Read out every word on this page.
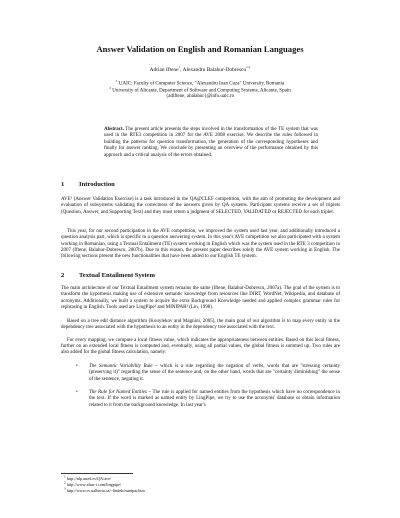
Answer Validation on English and Romanian Languages
Adrian Iftene$^1$, Alexandru Balahur-Dobrescu$^{1,2}$
$^1$ UAIC: Faculty of Computer Science, "Alexandru Ioan Cuza" University, Romania
$^2$ University of Alicante, Department of Software and Computing Systems, Alicante, Spain
{adiftene, abalahur}@info.uaic.ro
Abstract. The present article presents the steps involved in the transformation of the TE system that was used in the RTE3 competition in 2007 for the AVE 2008 exercise. We describe the rules followed in building the patterns for question transformation, the generation of the corresponding hypotheses and finally for answer ranking. We conclude by presenting an overview of the performance obtained by this approach and a critical analysis of the errors obtained.
1 Introduction
AVE¹ (Answer Validation Exercise) is a task introduced in the QA@CLEF competition, with the aim of promoting the development and evaluation of subsystems validating the correctness of the answers given by QA systems. Participant systems receive a set of triplets (Question, Answer, and Supporting Text) and they must return a judgment of SELECTED, VALIDATED or REJECTED for each triplet.
This year, for our second participation in the AVE competition, we improved the system used last year, and additionally introduced a question analysis part, which is specific to a question answering system. In this year's AVE competition we also participated with a system working in Romanian, using a Textual Entailment (TE) system working in English which was the system used in the RTE 3 competition in 2007 (Iftene, Balahur-Dobrescu, 2007b). Due to this reason, the present paper describes solely the AVE system working in English. The following sections present the new functionalities that have been added to our English TE system.
2 Textual Entailment System
The main architecture of our Textual Entailment system remains the same (Iftene, Balahur-Dobrescu, 2007a). The goal of the system is to transform the hypothesis making use of extensive semantic knowledge from resources like DIRT, WordNet, Wikipedia, and database of acronyms. Additionally, we built a system to acquire the extra Background Knowledge needed and applied complex grammar rules for rephrasing in English. Tools used are LingPipe² and MINIPAR³ (Lin, 1998).
Based on a tree edit distance algorithm (Kouylekov and Magnini, 2005), the main goal of our algorithm is to map every entity in the dependency tree associated with the hypothesis to an entity in the dependency tree associated with the text.
For every mapping, we compute a local fitness value, which indicates the appropriateness between entities. Based on this local fitness, further on an extended local fitness is computed and, eventually, using all partial values, the global fitness is summed up. Two rules are also added for the global fitness calculation, namely:
• The Semantic Variability Rule – which is a rule regarding the negation of verbs, words that are "stressing certainty (preserving it)" regarding the sense of the sentence and, on the other hand, words that are "certainty diminishing" the sense of the sentence, negating it.
• The Rule for Named Entities – The rule is applied for named entities from the hypothesis which have no correspondence in the text. If the word is marked as named entity by LingPipe, we try to use the acronyms' database or obtain information related to it from the background knowledge. In last year's
$^1$ http://nlp.uned.es/QA/ave/
$^2$ http://www.alias-i.com/lingpipe/
$^3$ http://www.cs.ualberta.ca/~lindek/minipar.htm
